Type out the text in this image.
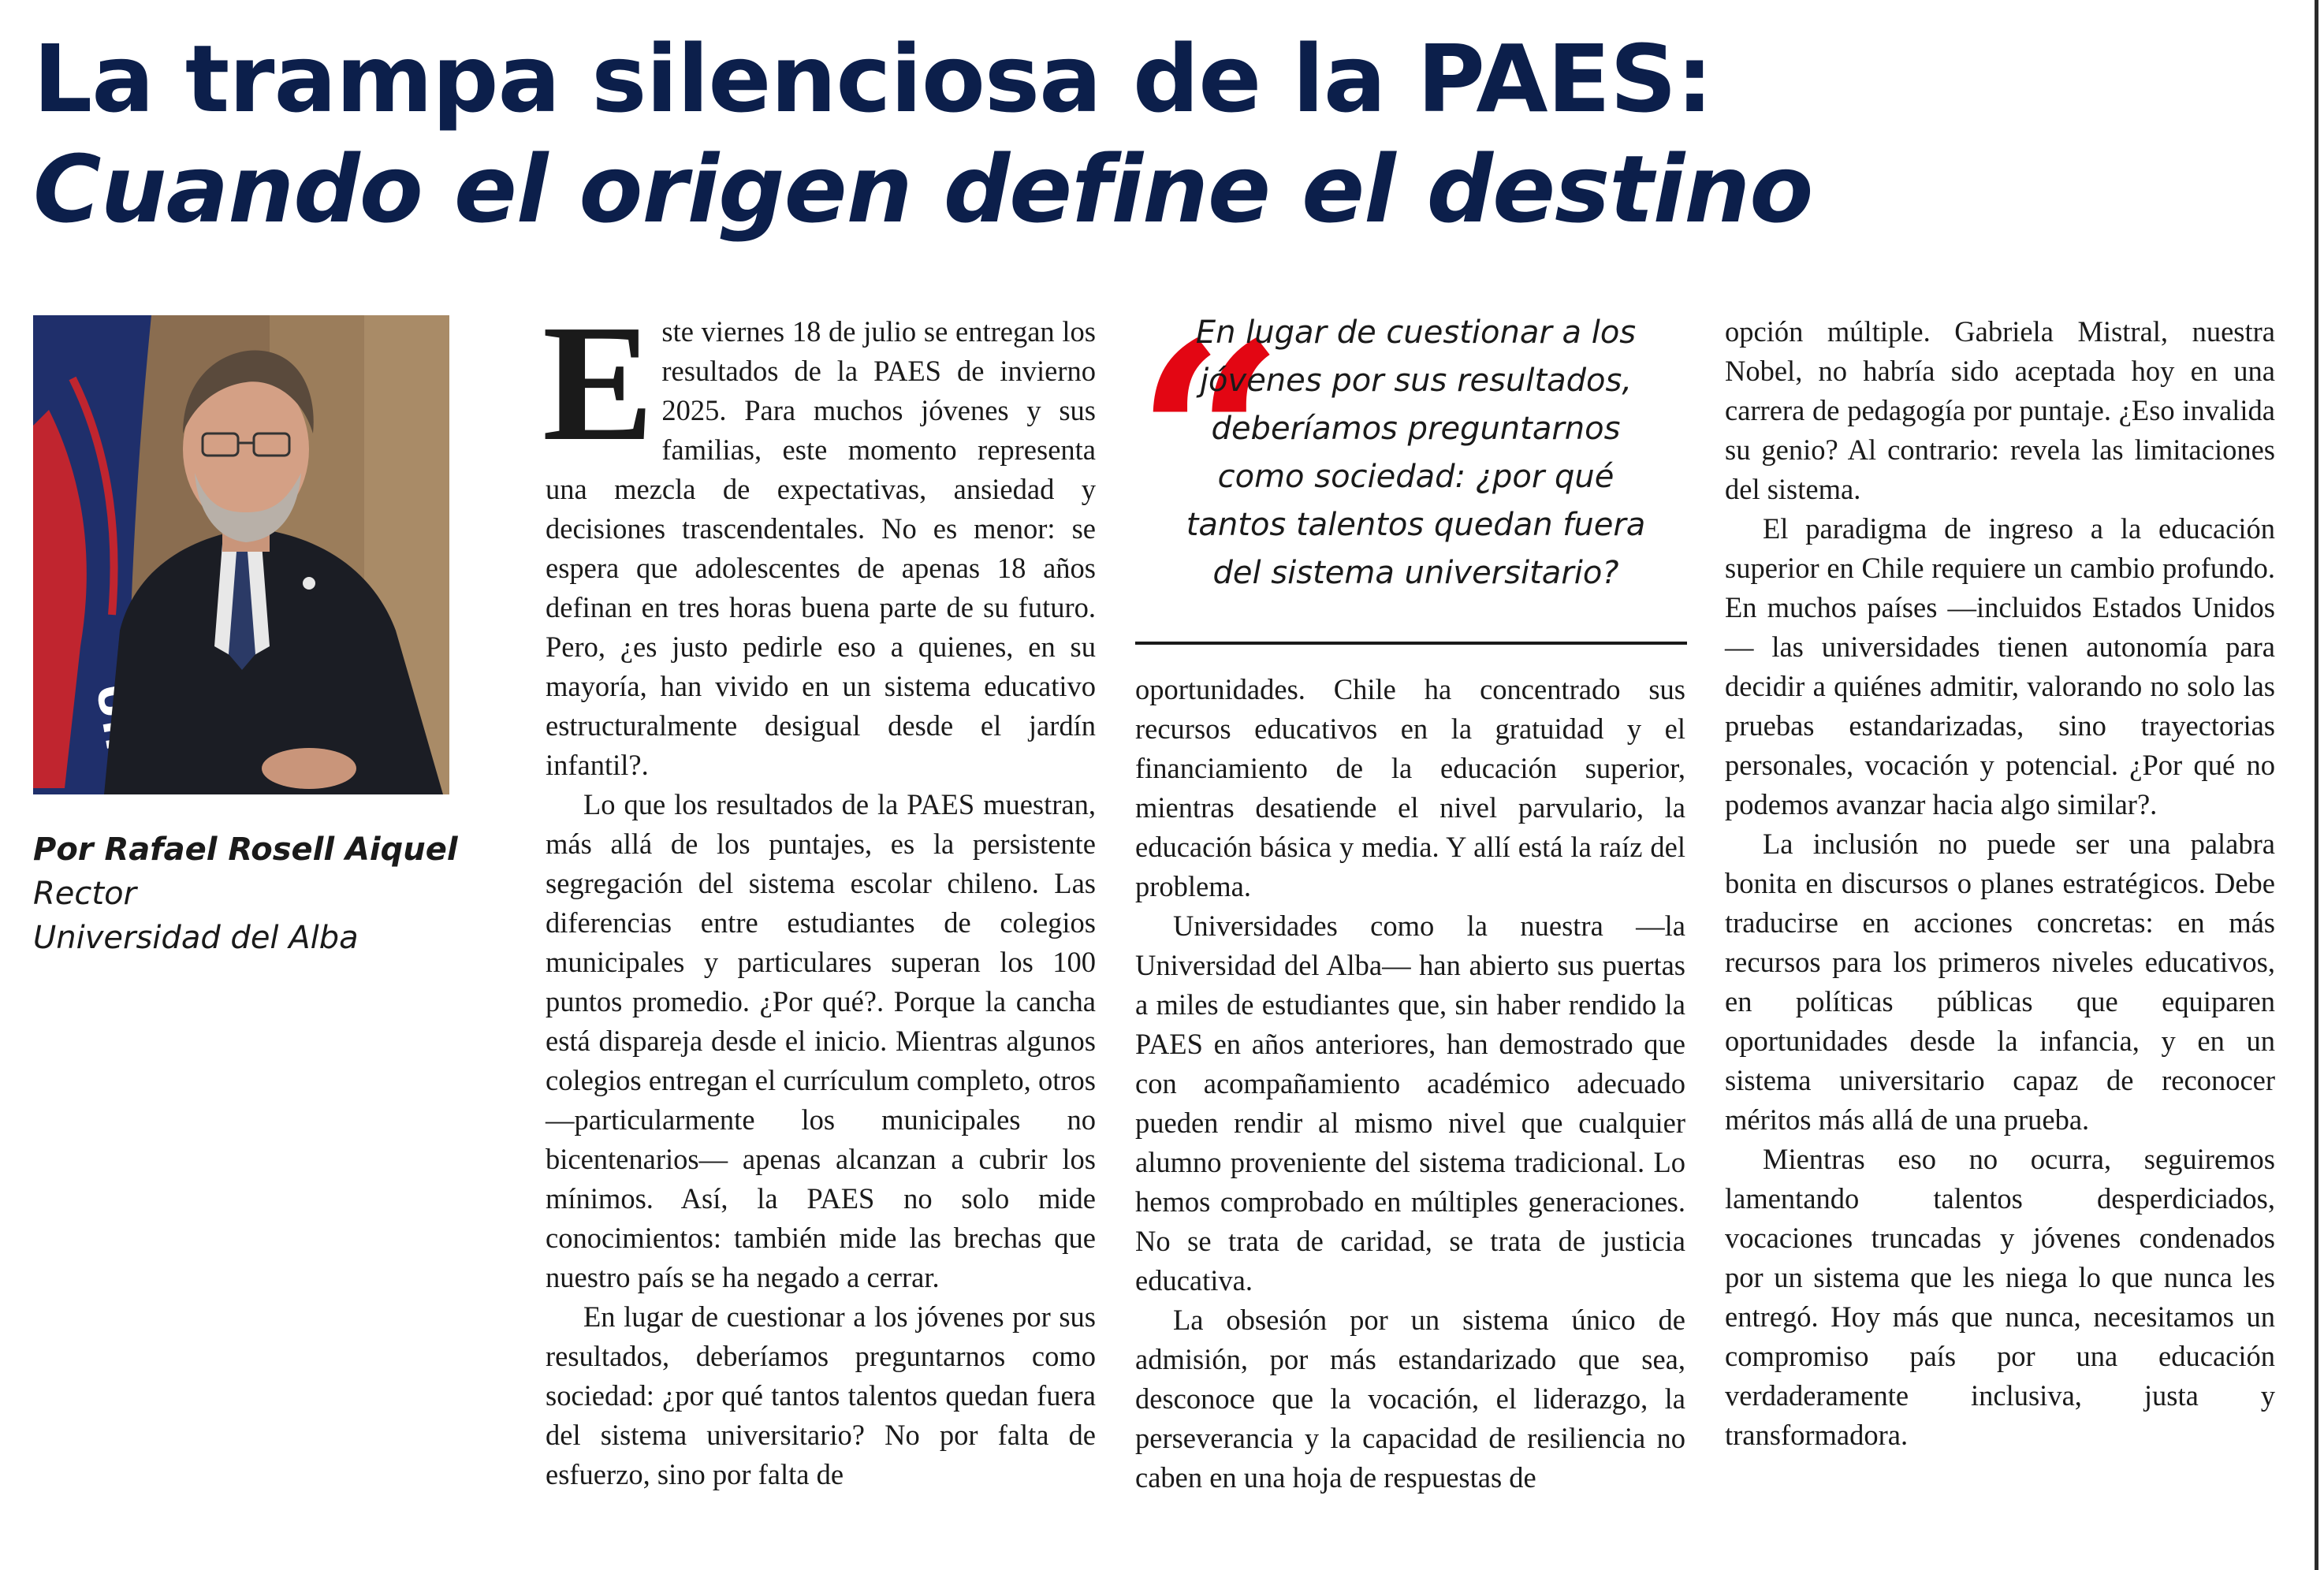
La trampa silenciosa de la PAES:
Cuando el origen define el destino
Por Rafael Rosell Aiquel
Rector
Universidad del Alba

Este viernes 18 de julio se entregan los resultados de la PAES de invierno 2025. Para muchos jóvenes y sus familias, este momento representa una mezcla de expectativas, ansiedad y decisiones trascendentales. No es menor: se espera que adolescentes de apenas 18 años definan en tres horas buena parte de su futuro. Pero, ¿es justo pedirle eso a quienes, en su mayoría, han vivido en un sistema educativo estructuralmente desigual desde el jardín infantil?.

Lo que los resultados de la PAES muestran, más allá de los puntajes, es la persistente segregación del sistema escolar chileno. Las diferencias entre estudiantes de colegios municipales y particulares superan los 100 puntos promedio. ¿Por qué?. Porque la cancha está dispareja desde el inicio. Mientras algunos colegios entregan el currículum completo, otros —particularmente los municipales no bicentenarios— apenas alcanzan a cubrir los mínimos. Así, la PAES no solo mide conocimientos: también mide las brechas que nuestro país se ha negado a cerrar.

En lugar de cuestionar a los jóvenes por sus resultados, deberíamos preguntarnos como sociedad: ¿por qué tantos talentos quedan fuera del sistema universitario? No por falta de esfuerzo, sino por falta de

“
En lugar de cuestionar a los jóvenes por sus resultados, deberíamos preguntarnos como sociedad: ¿por qué tantos talentos quedan fuera del sistema universitario?

oportunidades. Chile ha concentrado sus recursos educativos en la gratuidad y el financiamiento de la educación superior, mientras desatiende el nivel parvulario, la educación básica y media. Y allí está la raíz del problema.

Universidades como la nuestra —la Universidad del Alba— han abierto sus puertas a miles de estudiantes que, sin haber rendido la PAES en años anteriores, han demostrado que con acompañamiento académico adecuado pueden rendir al mismo nivel que cualquier alumno proveniente del sistema tradicional. Lo hemos comprobado en múltiples generaciones. No se trata de caridad, se trata de justicia educativa.

La obsesión por un sistema único de admisión, por más estandarizado que sea, desconoce que la vocación, el liderazgo, la perseverancia y la capacidad de resiliencia no caben en una hoja de respuestas de

opción múltiple. Gabriela Mistral, nuestra Nobel, no habría sido aceptada hoy en una carrera de pedagogía por puntaje. ¿Eso invalida su genio? Al contrario: revela las limitaciones del sistema.

El paradigma de ingreso a la educación superior en Chile requiere un cambio profundo. En muchos países —incluidos Estados Unidos— las universidades tienen autonomía para decidir a quiénes admitir, valorando no solo las pruebas estandarizadas, sino trayectorias personales, vocación y potencial. ¿Por qué no podemos avanzar hacia algo similar?.

La inclusión no puede ser una palabra bonita en discursos o planes estratégicos. Debe traducirse en acciones concretas: en más recursos para los primeros niveles educativos, en políticas públicas que equiparen oportunidades desde la infancia, y en un sistema universitario capaz de reconocer méritos más allá de una prueba.

Mientras eso no ocurra, seguiremos lamentando talentos desperdiciados, vocaciones truncadas y jóvenes condenados por un sistema que les niega lo que nunca les entregó. Hoy más que nunca, necesitamos un compromiso país por una educación verdaderamente inclusiva, justa y transformadora.
